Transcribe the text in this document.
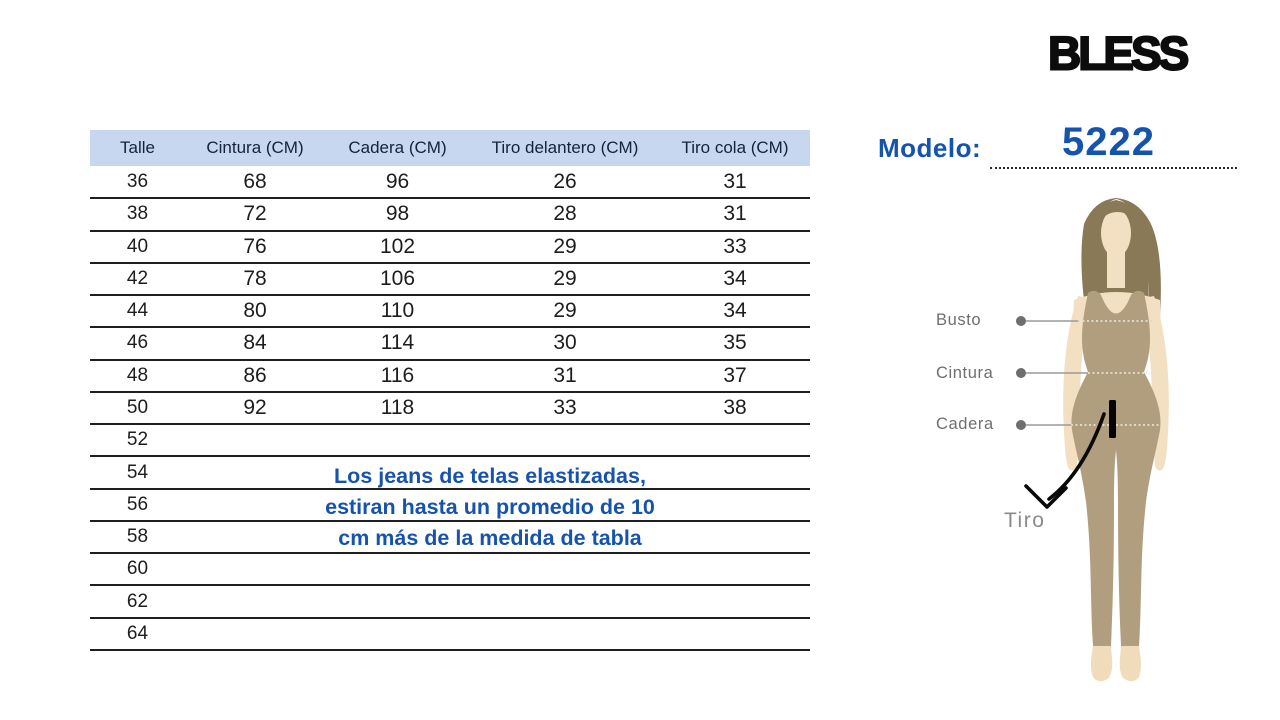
BLESS
Modelo: 5222
Talle	Cintura (CM)	Cadera (CM)	Tiro delantero (CM)	Tiro cola (CM)
36	68	96	26	31
38	72	98	28	31
40	76	102	29	33
42	78	106	29	34
44	80	110	29	34
46	84	114	30	35
48	86	116	31	37
50	92	118	33	38
52				
54				
56				
58				
60				
62				
64				
Los jeans de telas elastizadas,
estiran hasta un promedio de 10
cm más de la medida de tabla
Busto
Cintura
Cadera
Tiro
